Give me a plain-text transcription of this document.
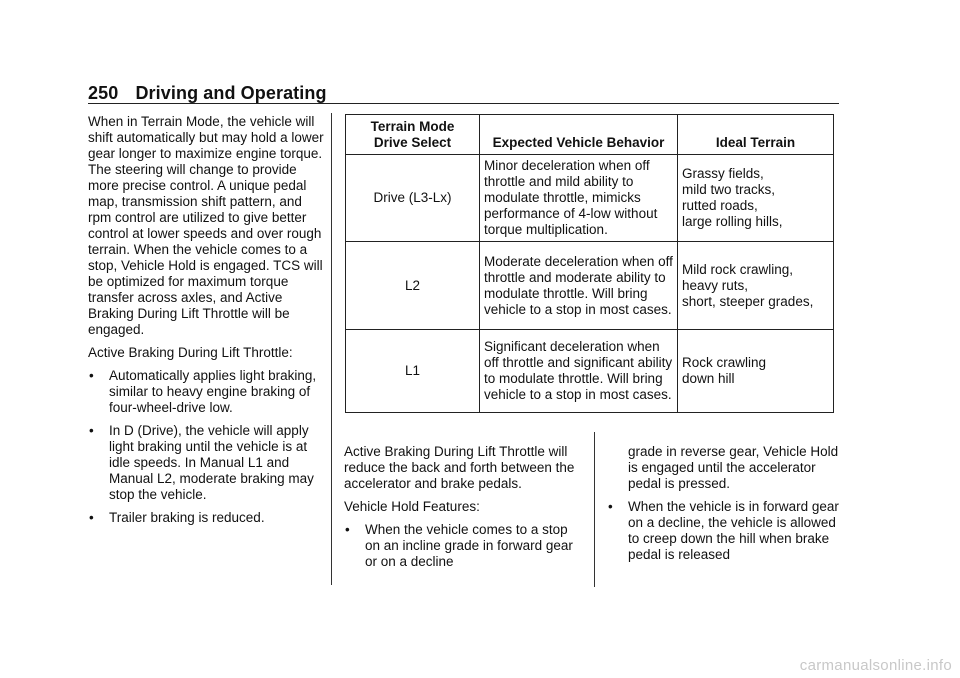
250 Driving and Operating

When in Terrain Mode, the vehicle will shift automatically but may hold a lower gear longer to maximize engine torque. The steering will change to provide more precise control. A unique pedal map, transmission shift pattern, and rpm control are utilized to give better control at lower speeds and over rough terrain. When the vehicle comes to a stop, Vehicle Hold is engaged. TCS will be optimized for maximum torque transfer across axles, and Active Braking During Lift Throttle will be engaged.

Active Braking During Lift Throttle:

• Automatically applies light braking, similar to heavy engine braking of four-wheel-drive low.
• In D (Drive), the vehicle will apply light braking until the vehicle is at idle speeds. In Manual L1 and Manual L2, moderate braking may stop the vehicle.
• Trailer braking is reduced.
Terrain Mode
Drive Select	Expected Vehicle Behavior	Ideal Terrain
Drive (L3-Lx)	Minor deceleration when off throttle and mild ability to modulate throttle, mimicks performance of 4-low without torque multiplication.	Grassy fields,
mild two tracks,
rutted roads,
large rolling hills,
L2	Moderate deceleration when off throttle and moderate ability to modulate throttle. Will bring vehicle to a stop in most cases.	Mild rock crawling,
heavy ruts,
short, steeper grades,
L1	Significant deceleration when off throttle and significant ability to modulate throttle. Will bring vehicle to a stop in most cases.	Rock crawling
down hill

Active Braking During Lift Throttle will reduce the back and forth between the accelerator and brake pedals.

Vehicle Hold Features:

• When the vehicle comes to a stop on an incline grade in forward gear or on a decline
grade in reverse gear, Vehicle Hold is engaged until the accelerator pedal is pressed.
• When the vehicle is in forward gear on a decline, the vehicle is allowed to creep down the hill when brake pedal is released
carmanualsonline.info
